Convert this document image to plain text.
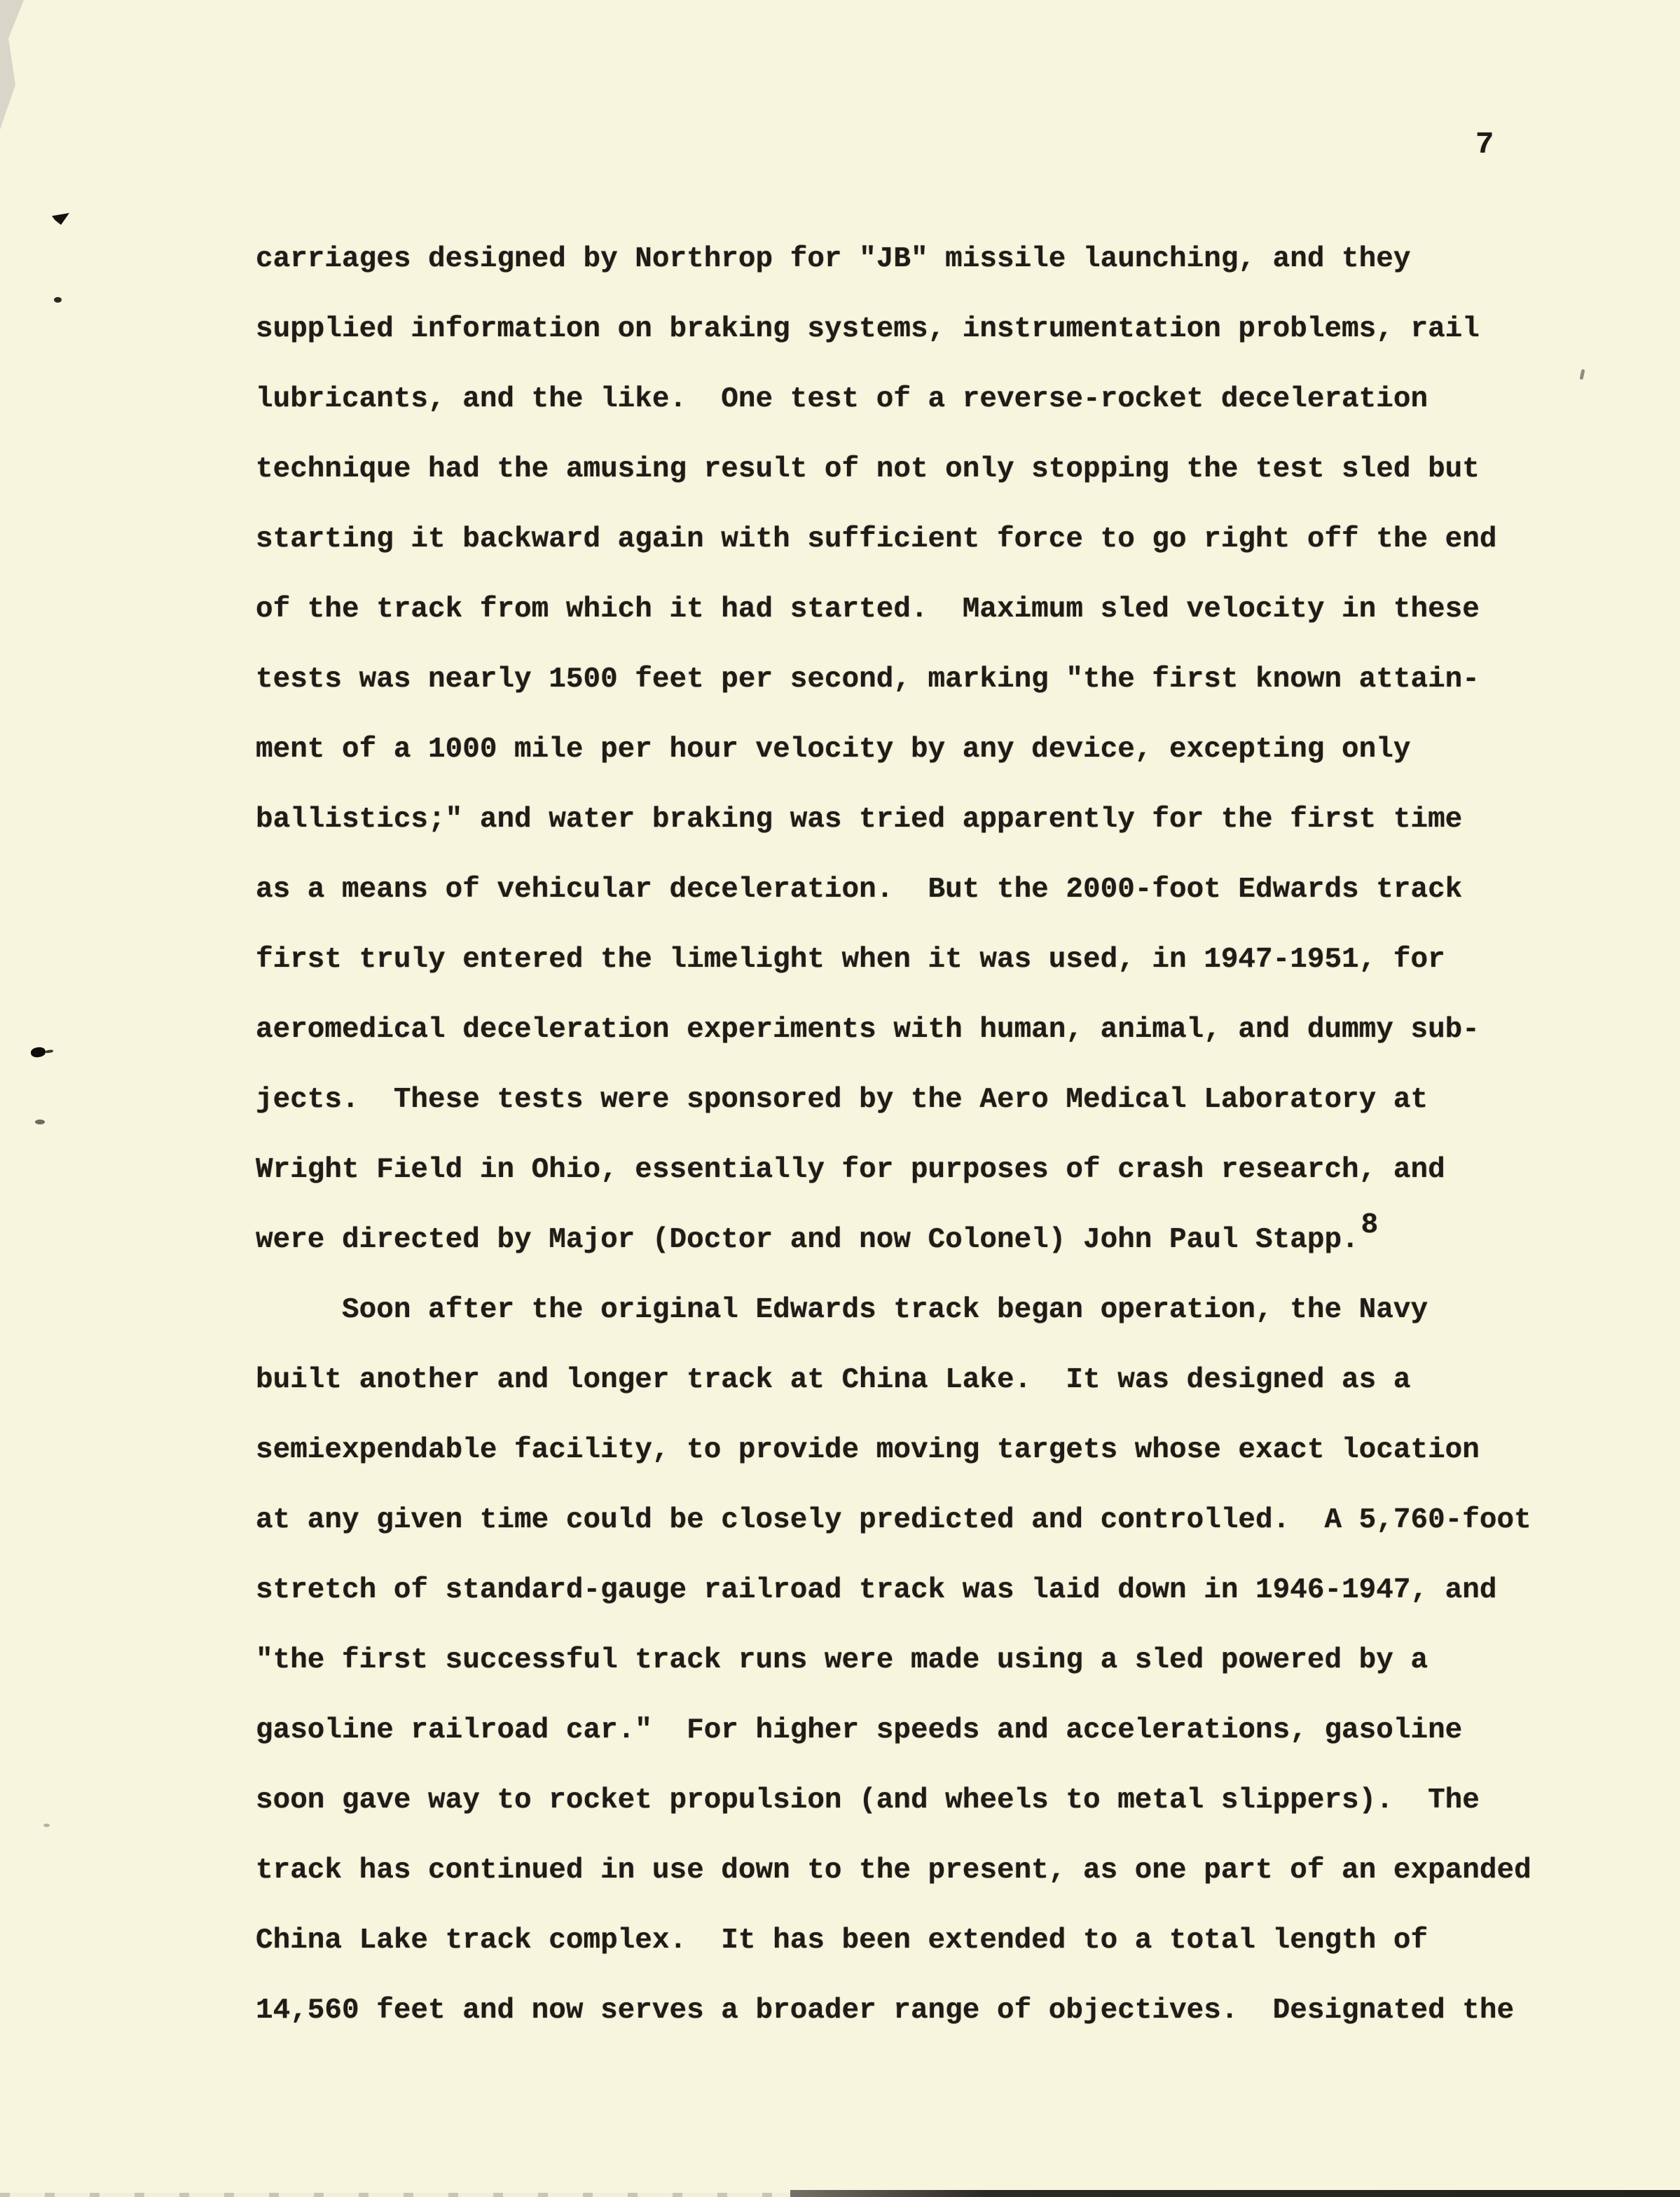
7
carriages designed by Northrop for "JB" missile launching, and they
supplied information on braking systems, instrumentation problems, rail
lubricants, and the like.  One test of a reverse-rocket deceleration
technique had the amusing result of not only stopping the test sled but
starting it backward again with sufficient force to go right off the end
of the track from which it had started.  Maximum sled velocity in these
tests was nearly 1500 feet per second, marking "the first known attain-
ment of a 1000 mile per hour velocity by any device, excepting only
ballistics;" and water braking was tried apparently for the first time
as a means of vehicular deceleration.  But the 2000-foot Edwards track
first truly entered the limelight when it was used, in 1947-1951, for
aeromedical deceleration experiments with human, animal, and dummy sub-
jects.  These tests were sponsored by the Aero Medical Laboratory at
Wright Field in Ohio, essentially for purposes of crash research, and
were directed by Major (Doctor and now Colonel) John Paul Stapp.8
Soon after the original Edwards track began operation, the Navy
built another and longer track at China Lake.  It was designed as a
semiexpendable facility, to provide moving targets whose exact location
at any given time could be closely predicted and controlled.  A 5,760-foot
stretch of standard-gauge railroad track was laid down in 1946-1947, and
"the first successful track runs were made using a sled powered by a
gasoline railroad car."  For higher speeds and accelerations, gasoline
soon gave way to rocket propulsion (and wheels to metal slippers).  The
track has continued in use down to the present, as one part of an expanded
China Lake track complex.  It has been extended to a total length of
14,560 feet and now serves a broader range of objectives.  Designated the
